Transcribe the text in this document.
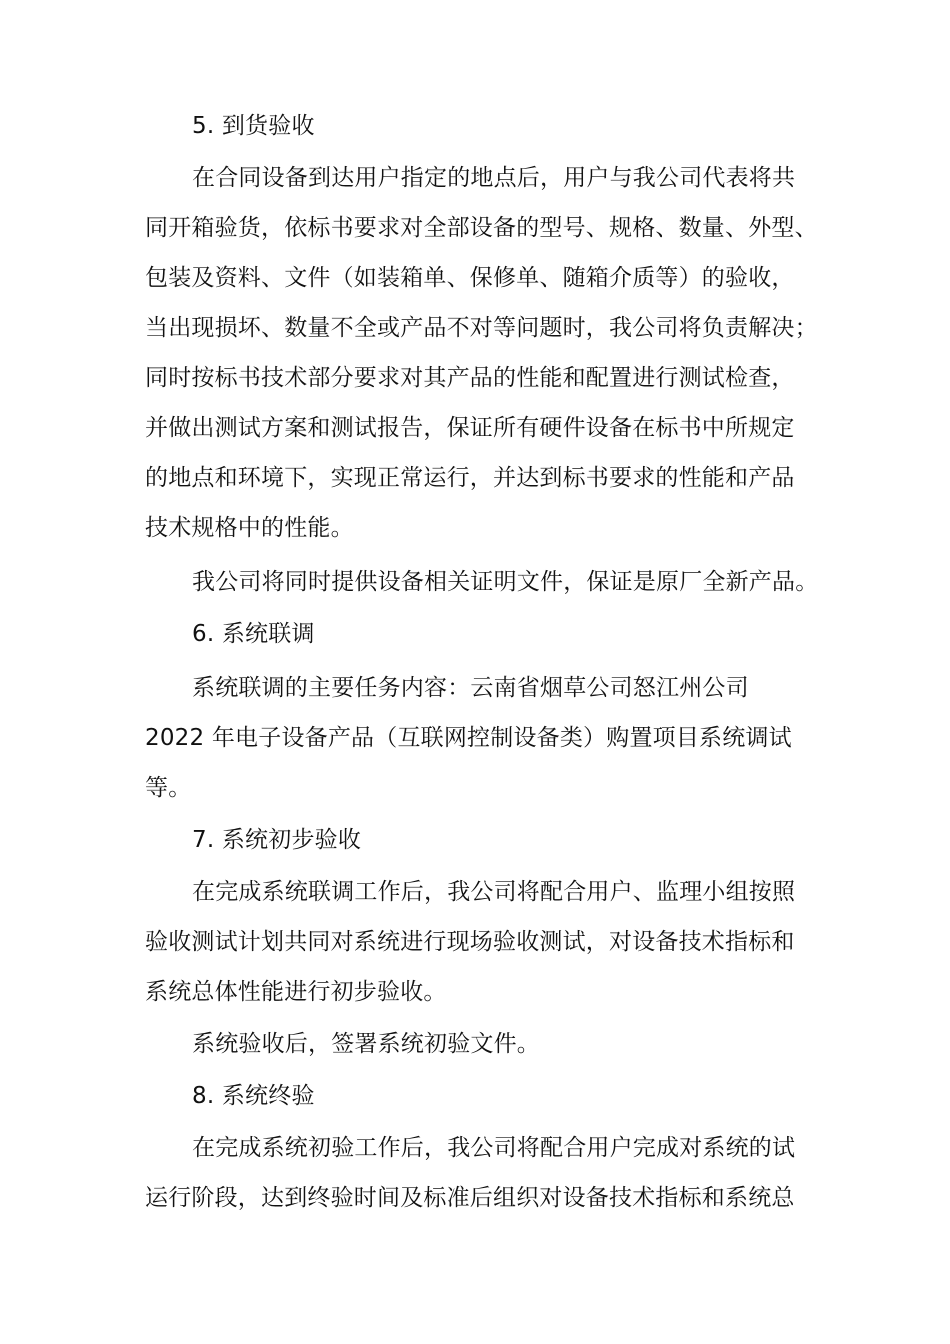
5. 到货验收
在合同设备到达用户指定的地点后，用户与我公司代表将共
同开箱验货，依标书要求对全部设备的型号、规格、数量、外型、
包装及资料、文件（如装箱单、保修单、随箱介质等）的验收，
当出现损坏、数量不全或产品不对等问题时，我公司将负责解决；
同时按标书技术部分要求对其产品的性能和配置进行测试检查，
并做出测试方案和测试报告，保证所有硬件设备在标书中所规定
的地点和环境下，实现正常运行，并达到标书要求的性能和产品
技术规格中的性能。
我公司将同时提供设备相关证明文件，保证是原厂全新产品。
6. 系统联调
系统联调的主要任务内容：云南省烟草公司怒江州公司
2022 年电子设备产品（互联网控制设备类）购置项目系统调试
等。
7. 系统初步验收
在完成系统联调工作后，我公司将配合用户、监理小组按照
验收测试计划共同对系统进行现场验收测试，对设备技术指标和
系统总体性能进行初步验收。
系统验收后，签署系统初验文件。
8. 系统终验
在完成系统初验工作后，我公司将配合用户完成对系统的试
运行阶段，达到终验时间及标准后组织对设备技术指标和系统总
